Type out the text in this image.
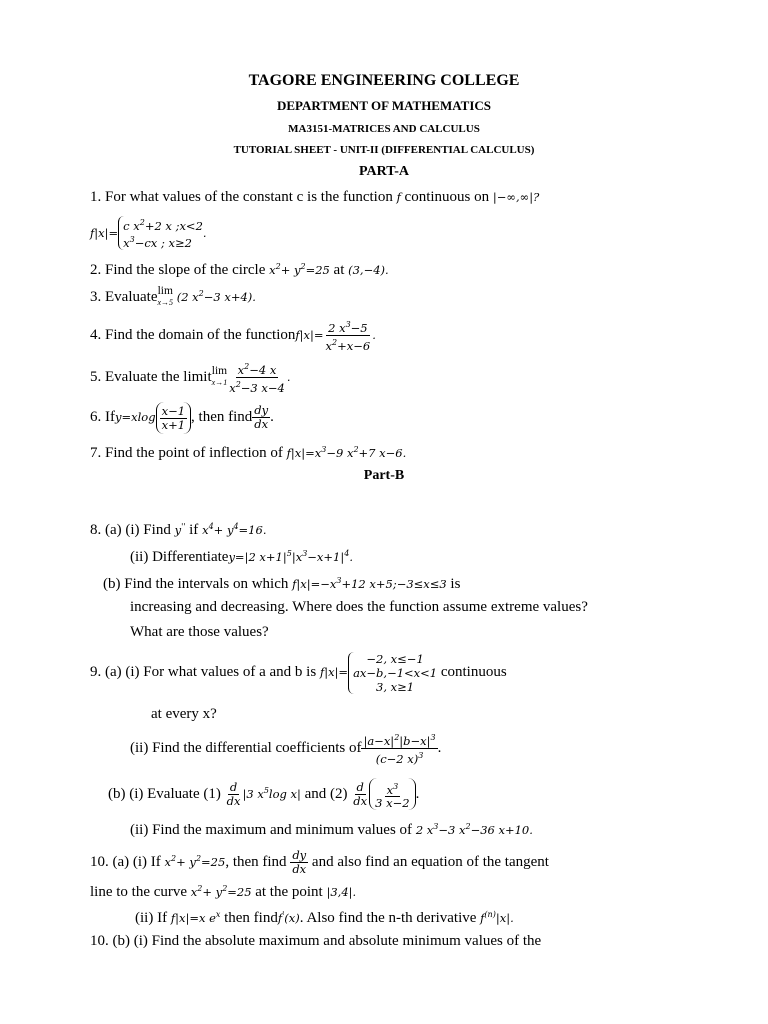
TAGORE ENGINEERING COLLEGE
DEPARTMENT OF MATHEMATICS
MA3151-MATRICES AND CALCULUS
TUTORIAL SHEET - UNIT-II (DIFFERENTIAL CALCULUS)
PART-A
1. For what values of the constant c is the function f continuous on |−∞,∞|?
f|x|= c $x^2+2$ x ;x<2
$x^3-cx$ ; x≥2.
2. Find the slope of the circle $x^2+ y^2=25$ at (3,−4).
3. Evaluate lim
x→5 (2 $x^2-3$ x+4).
4. Find the domain of the functionf|x|= $\frac{2 x^3-5}{x^2+x-6}$ .
5. Evaluate the limit lim
$x\to 1 \frac{x^2-4 x}{x^2-3 x-4}$ .
6. $Ify=xlog \frac{x-1}{x+1}$ , then find $\frac{dy}{dx}$ .
7. Find the point of inflection of $f|x|=x^3-9$ $x^2+7$ x−6.
Part-B
8. (a) (i) Find y'' if $x^4+ y^4=16$.
(ii) Differentiatey=|2 $x+1|^5|x^3-x+1|^4$.
(b) Find the intervals on which $f|x|=-x^3+12$ x+5;−3≤x≤3 is
increasing and decreasing. Where does the function assume extreme values?
What are those values?
9. (a) (i) For what values of a and b is f|x|=−2, x≤−1
ax−b,−1<x<1
3, x≥1 continuous
at every x?
(ii) Find the differential coefficients of $\frac{|a-x|^2|b-x|^3}{(c-2 x)^3}$ .
(b) (i) Evaluate $(1) \frac{d}{dx} |3$ $x^5\log$ x| and $(2) \frac{d}{dx} \frac{x^3}{3 x-2}$ .
(ii) Find the maximum and minimum values of 2 $x^3-3$ $x^2-36$ x+10.
10. (a) (i) If $x^2+ y^2=25$, then find $\frac{dy}{dx}$ and also find an equation of the tangent
line to the curve $x^2+ y^2=25$ at the point |3,4|.
(ii) If f|x|=x $e^x$ then findf'(x). Also find the n-th derivative $f^{(n)}|x|$.
10. (b) (i) Find the absolute maximum and absolute minimum values of the
